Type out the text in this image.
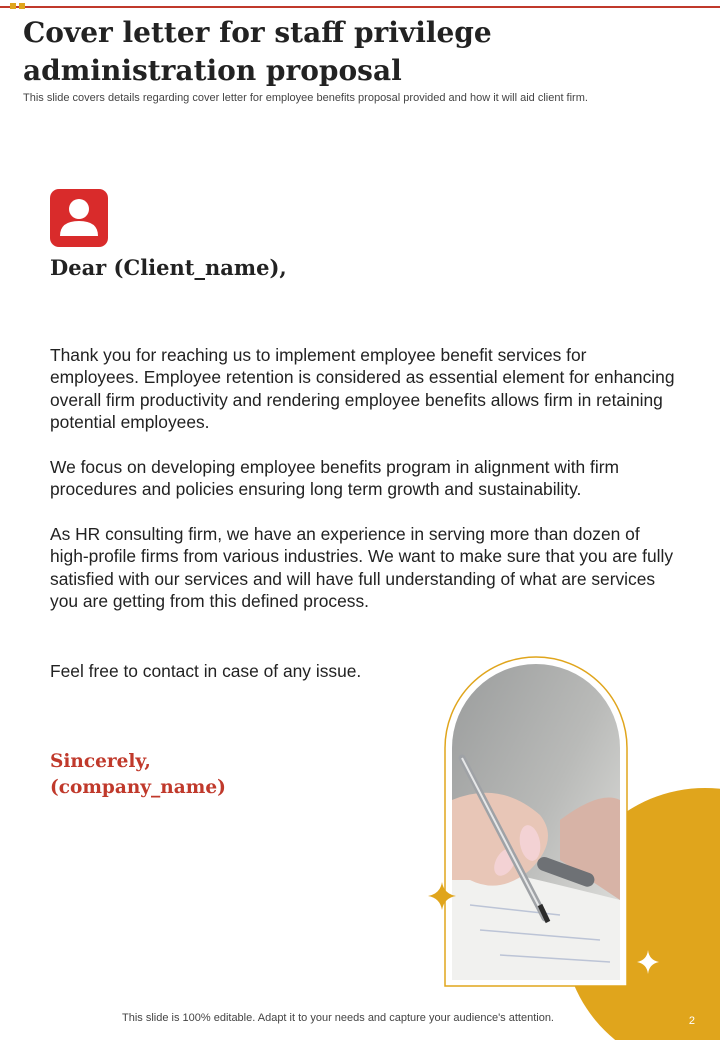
Cover letter for staff privilege administration proposal

This slide covers details regarding cover letter for employee benefits proposal provided and how it will aid client firm.

Dear (Client_name),

Thank you for reaching us to implement employee benefit services for employees. Employee retention is considered as essential element for enhancing overall firm productivity and rendering employee benefits allows firm in retaining potential employees.

We focus on developing employee benefits program in alignment with firm procedures and policies ensuring long term growth and sustainability.

As HR consulting firm, we have an experience in serving more than dozen of high-profile firms from various industries. We want to make sure that you are fully satisfied with our services and will have full understanding of what are services you are getting from this defined process.

Feel free to contact in case of any issue.

Sincerely,
(company_name)
This slide is 100% editable. Adapt it to your needs and capture your audience's attention.	2
